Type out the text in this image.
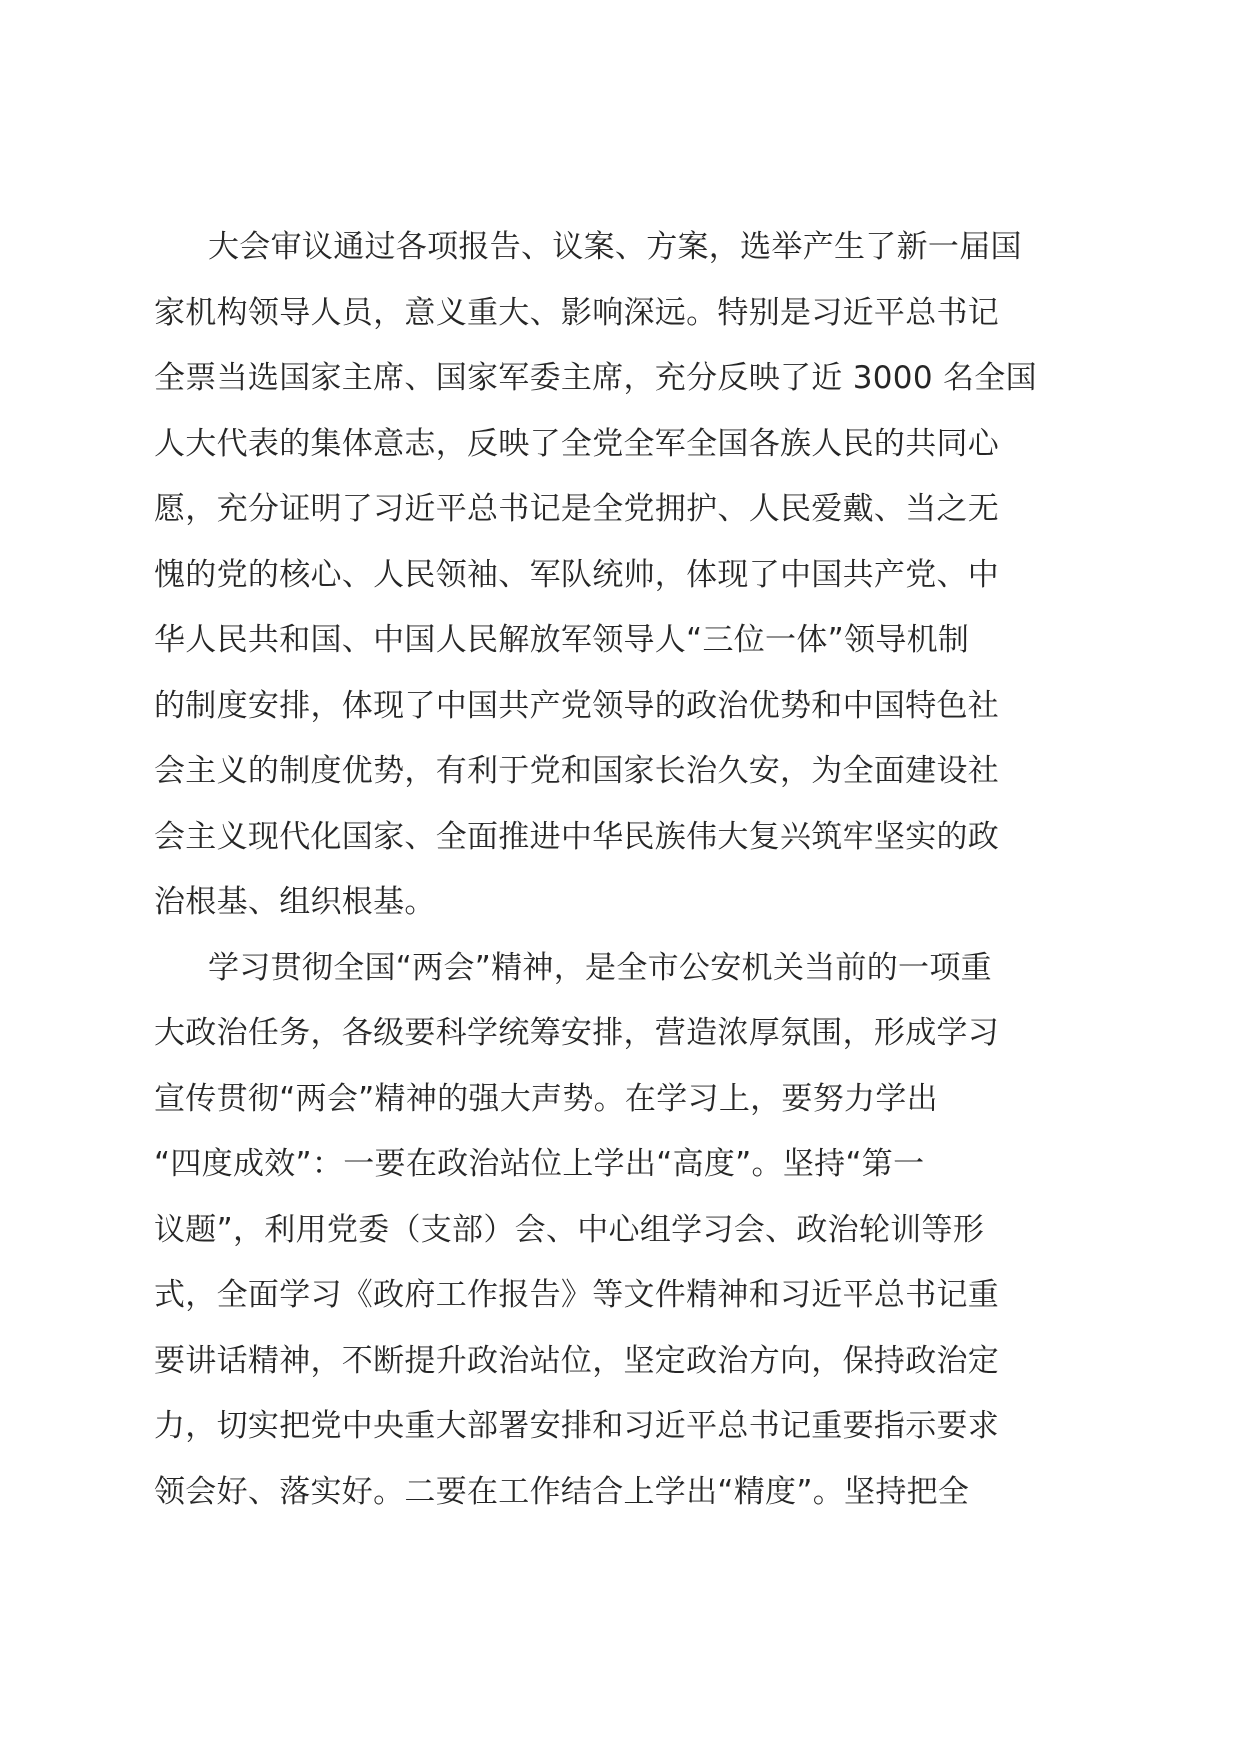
大会审议通过各项报告、议案、方案，选举产生了新一届国
家机构领导人员，意义重大、影响深远。特别是习近平总书记
全票当选国家主席、国家军委主席，充分反映了近 3000 名全国
人大代表的集体意志，反映了全党全军全国各族人民的共同心
愿，充分证明了习近平总书记是全党拥护、人民爱戴、当之无
愧的党的核心、人民领袖、军队统帅，体现了中国共产党、中
华人民共和国、中国人民解放军领导人“三位一体”领导机制
的制度安排，体现了中国共产党领导的政治优势和中国特色社
会主义的制度优势，有利于党和国家长治久安，为全面建设社
会主义现代化国家、全面推进中华民族伟大复兴筑牢坚实的政
治根基、组织根基。
学习贯彻全国“两会”精神，是全市公安机关当前的一项重
大政治任务，各级要科学统筹安排，营造浓厚氛围，形成学习
宣传贯彻“两会”精神的强大声势。在学习上，要努力学出
“四度成效”：一要在政治站位上学出“高度”。坚持“第一
议题”，利用党委（支部）会、中心组学习会、政治轮训等形
式，全面学习《政府工作报告》等文件精神和习近平总书记重
要讲话精神，不断提升政治站位，坚定政治方向，保持政治定
力，切实把党中央重大部署安排和习近平总书记重要指示要求
领会好、落实好。二要在工作结合上学出“精度”。坚持把全
